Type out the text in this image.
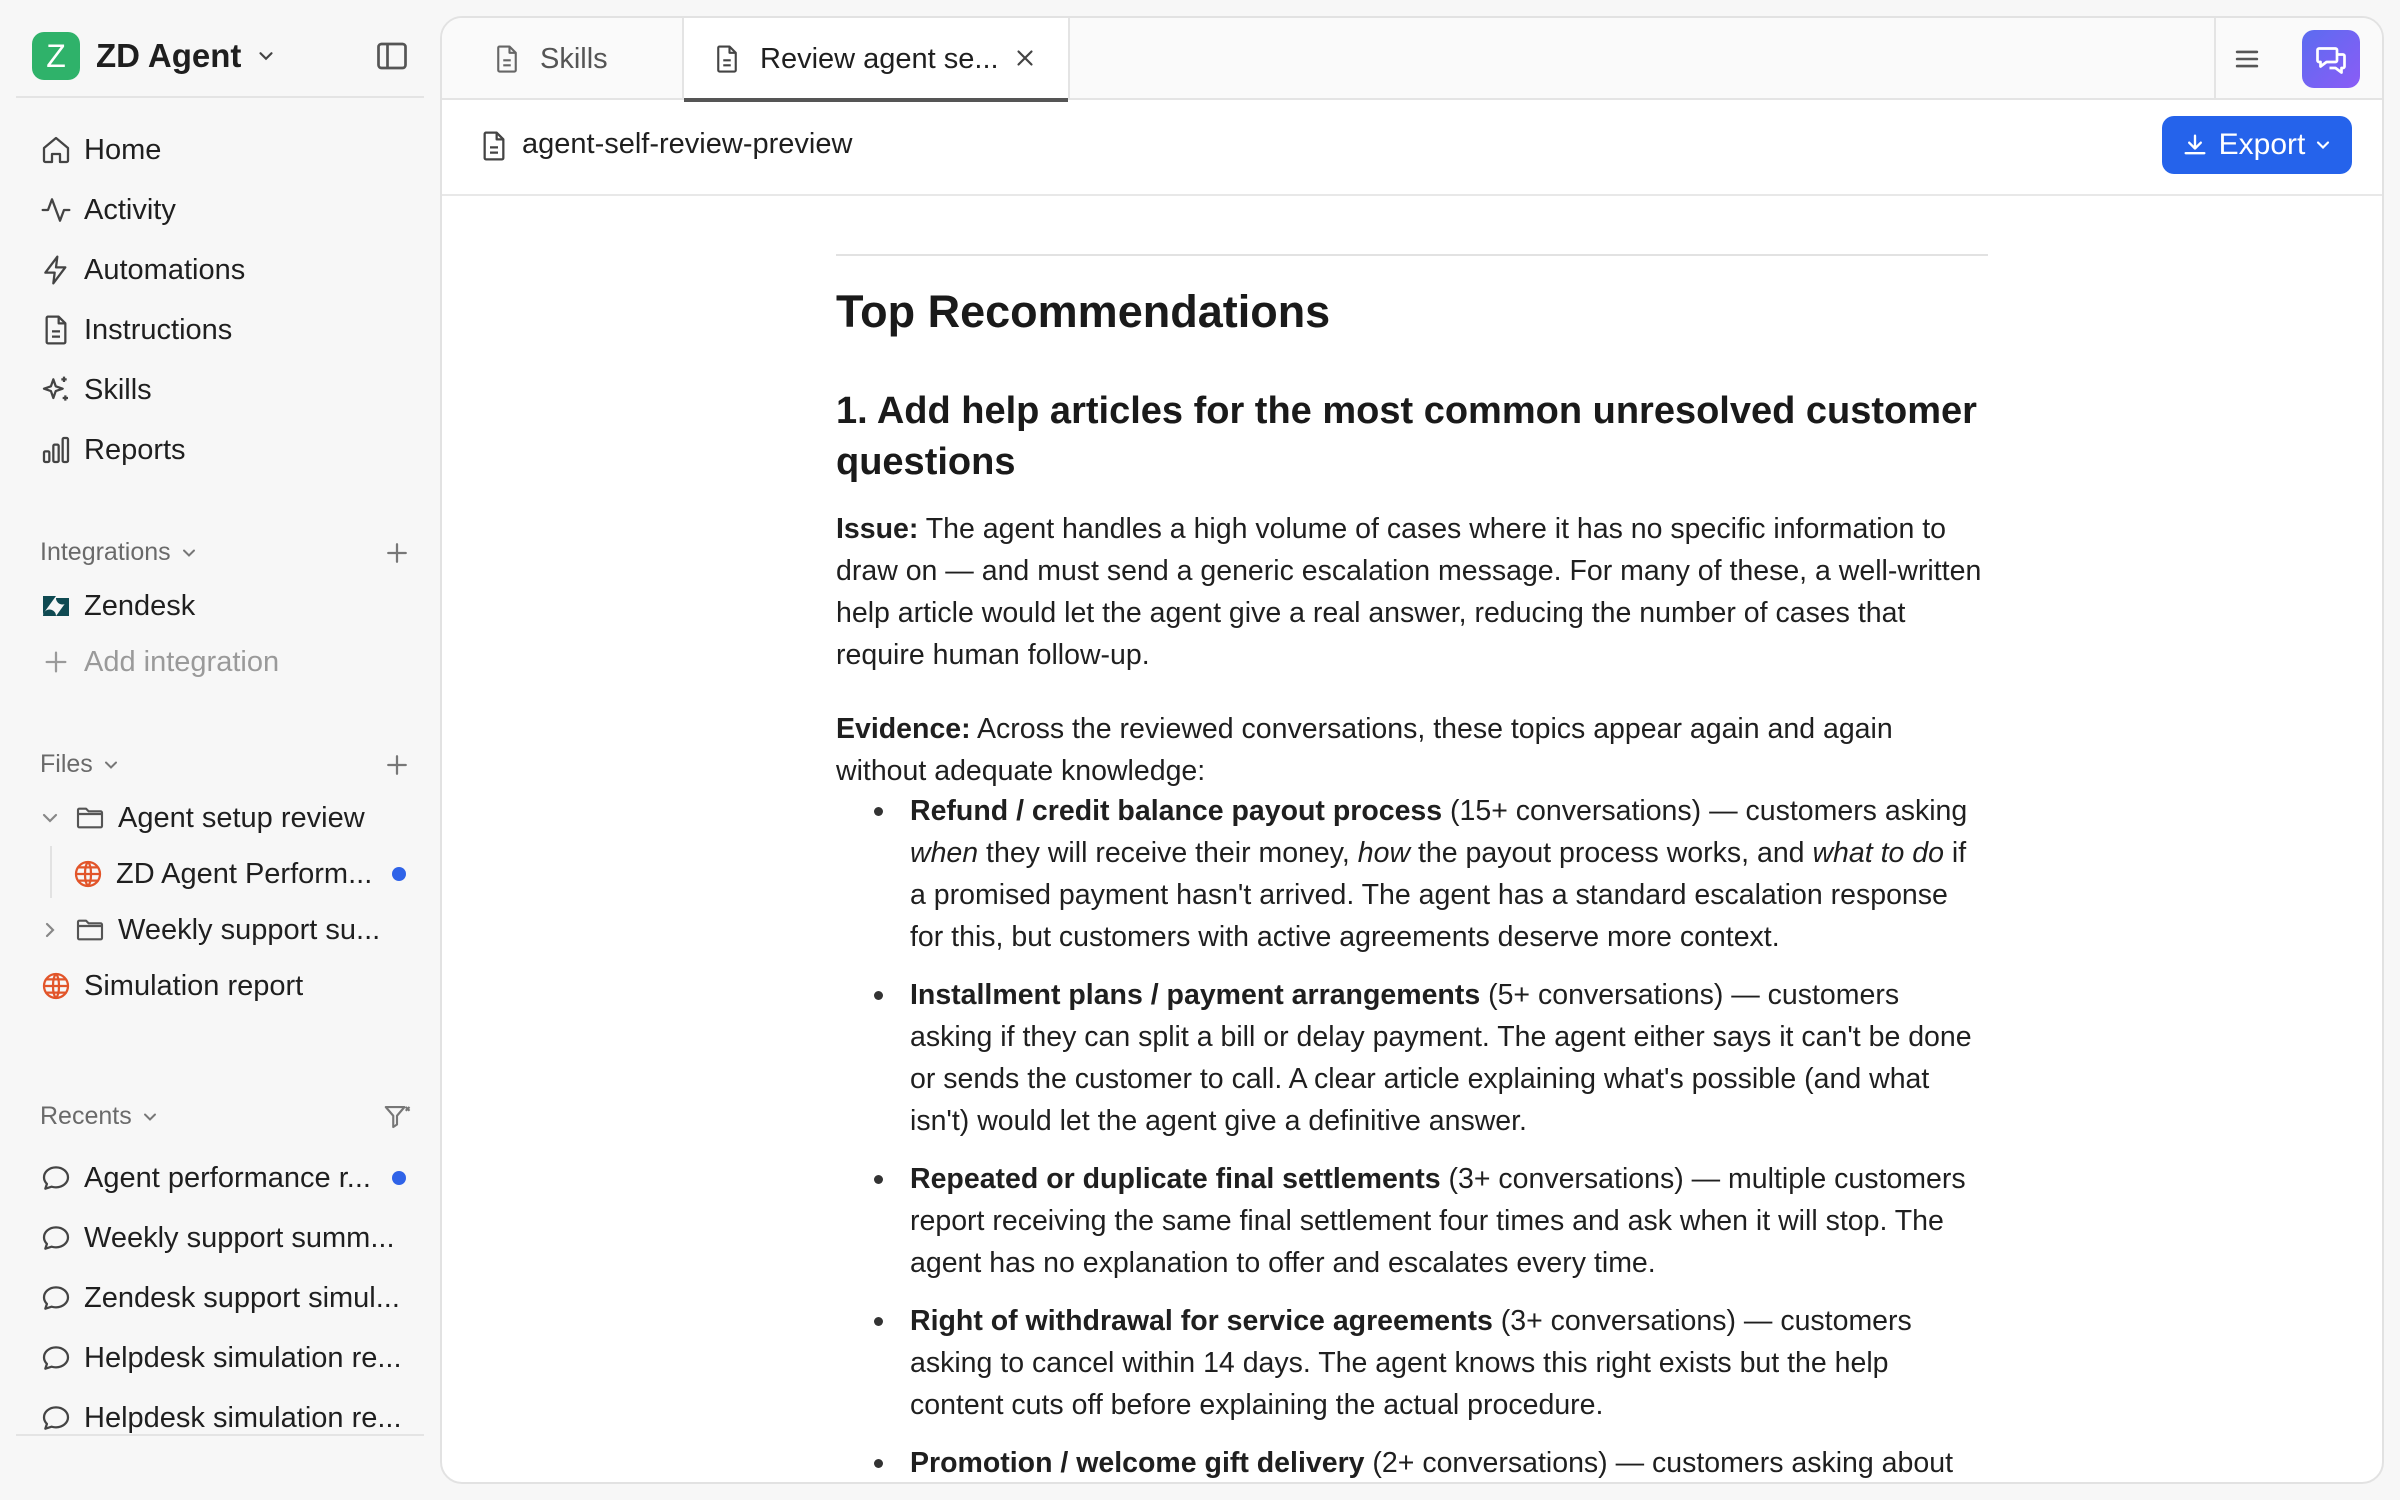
Z ZD Agent
Home
Activity
Automations
Instructions
Skills
Reports
Integrations
Zendesk
Add integration
Files
Agent setup review
ZD Agent Perform...
Weekly support su...
Simulation report
Recents
Agent performance r...
Weekly support summ...
Zendesk support simul...
Helpdesk simulation re...
Helpdesk simulation re...
Skills	Review agent se...
agent-self-review-preview	Export
Top Recommendations
1. Add help articles for the most common unresolved customer questions
Issue: The agent handles a high volume of cases where it has no specific information to draw on — and must send a generic escalation message. For many of these, a well-written help article would let the agent give a real answer, reducing the number of cases that require human follow-up.
Evidence: Across the reviewed conversations, these topics appear again and again without adequate knowledge:
Refund / credit balance payout process (15+ conversations) — customers asking when they will receive their money, how the payout process works, and what to do if a promised payment hasn't arrived. The agent has a standard escalation response for this, but customers with active agreements deserve more context.
Installment plans / payment arrangements (5+ conversations) — customers asking if they can split a bill or delay payment. The agent either says it can't be done or sends the customer to call. A clear article explaining what's possible (and what isn't) would let the agent give a definitive answer.
Repeated or duplicate final settlements (3+ conversations) — multiple customers report receiving the same final settlement four times and ask when it will stop. The agent has no explanation to offer and escalates every time.
Right of withdrawal for service agreements (3+ conversations) — customers asking to cancel within 14 days. The agent knows this right exists but the help content cuts off before explaining the actual procedure.
Promotion / welcome gift delivery (2+ conversations) — customers asking about
